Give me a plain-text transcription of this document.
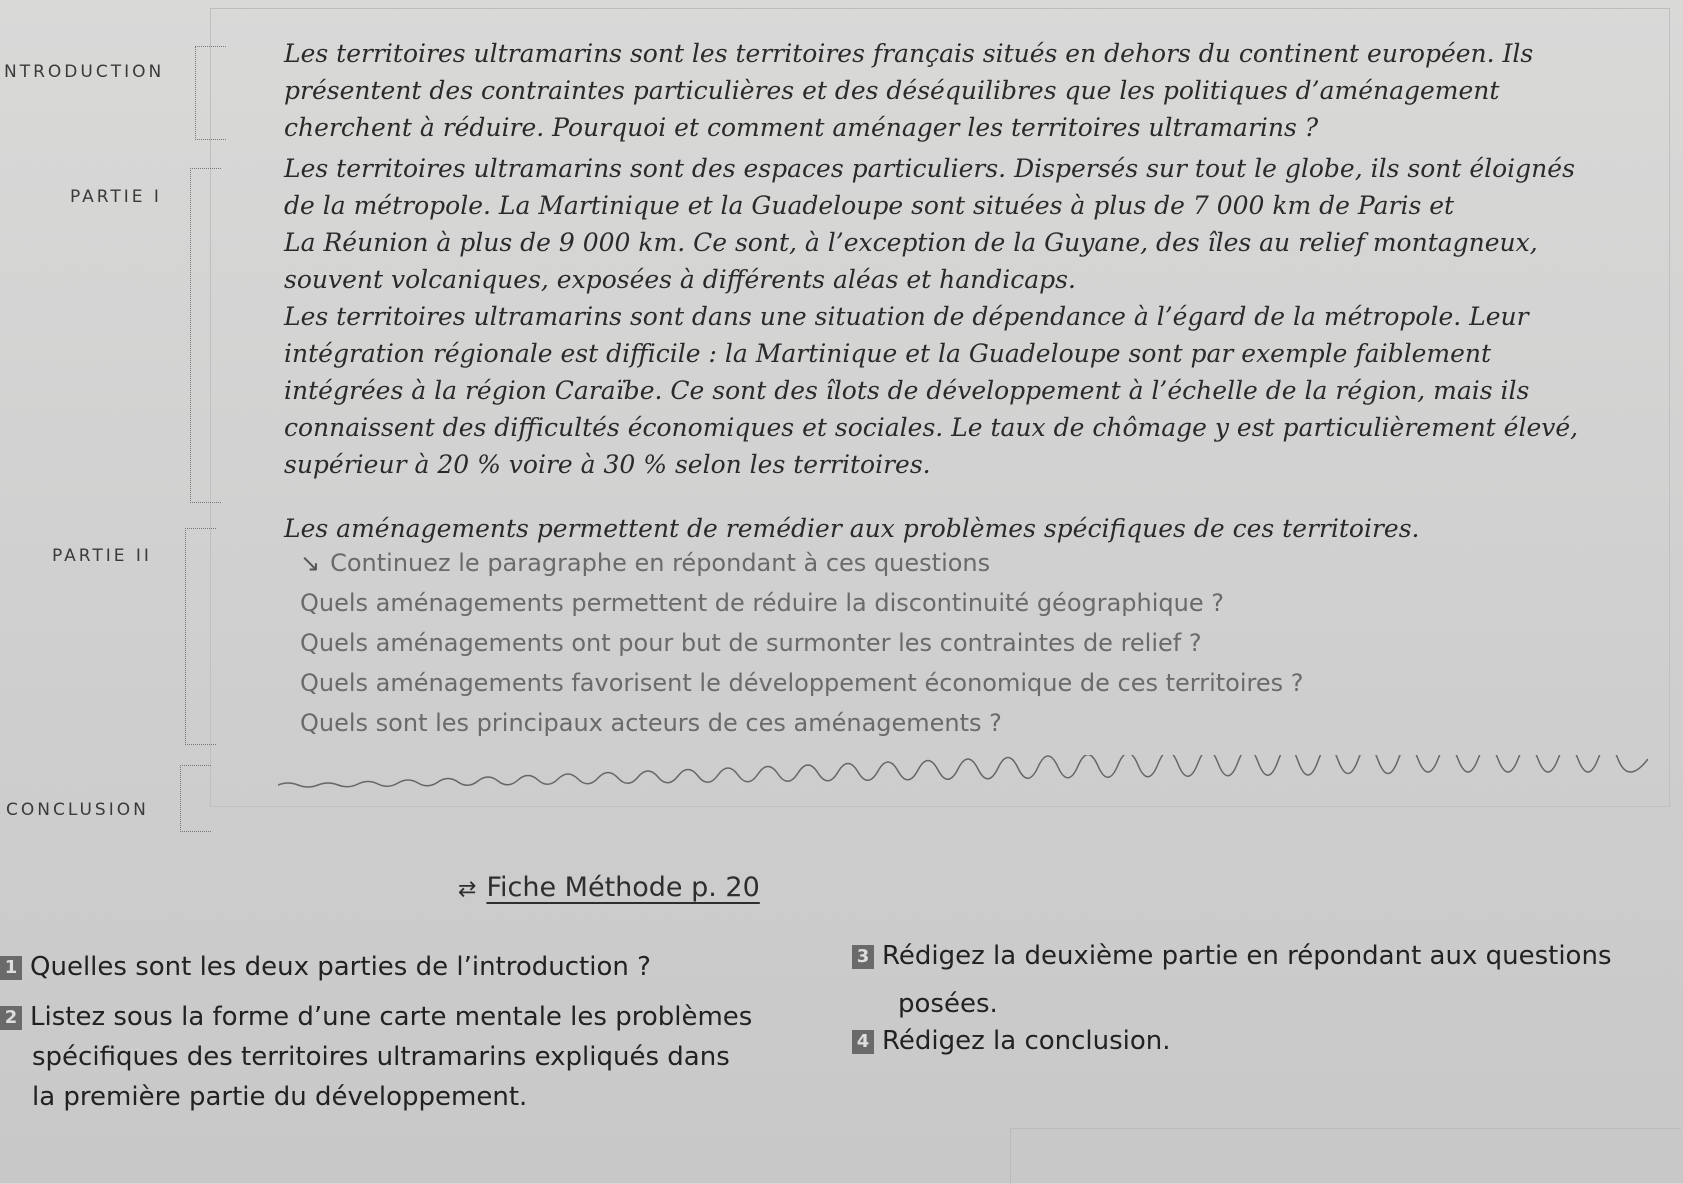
NTRODUCTION
PARTIE I
PARTIE II
CONCLUSION

Les territoires ultramarins sont les territoires français situés en dehors du continent européen. Ils

présentent des contraintes particulières et des déséquilibres que les politiques d’aménagement

cherchent à réduire. Pourquoi et comment aménager les territoires ultramarins ?

Les territoires ultramarins sont des espaces particuliers. Dispersés sur tout le globe, ils sont éloignés

de la métropole. La Martinique et la Guadeloupe sont situées à plus de 7 000 km de Paris et

La Réunion à plus de 9 000 km. Ce sont, à l’exception de la Guyane, des îles au relief montagneux,

souvent volcaniques, exposées à différents aléas et handicaps.

Les territoires ultramarins sont dans une situation de dépendance à l’égard de la métropole. Leur

intégration régionale est difficile : la Martinique et la Guadeloupe sont par exemple faiblement

intégrées à la région Caraïbe. Ce sont des îlots de développement à l’échelle de la région, mais ils

connaissent des difficultés économiques et sociales. Le taux de chômage y est particulièrement élevé,

supérieur à 20 % voire à 30 % selon les territoires.

Les aménagements permettent de remédier aux problèmes spécifiques de ces territoires.

↘ Continuez le paragraphe en répondant à ces questions

Quels aménagements permettent de réduire la discontinuité géographique ?

Quels aménagements ont pour but de surmonter les contraintes de relief ?

Quels aménagements favorisent le développement économique de ces territoires ?

Quels sont les principaux acteurs de ces aménagements ?

⇄ Fiche Méthode p. 20
1 Quelles sont les deux parties de l’introduction ?
2 Listez sous la forme d’une carte mentale les problèmes
spécifiques des territoires ultramarins expliqués dans
la première partie du développement.
3 Rédigez la deuxième partie en répondant aux questions
posées.
4 Rédigez la conclusion.
